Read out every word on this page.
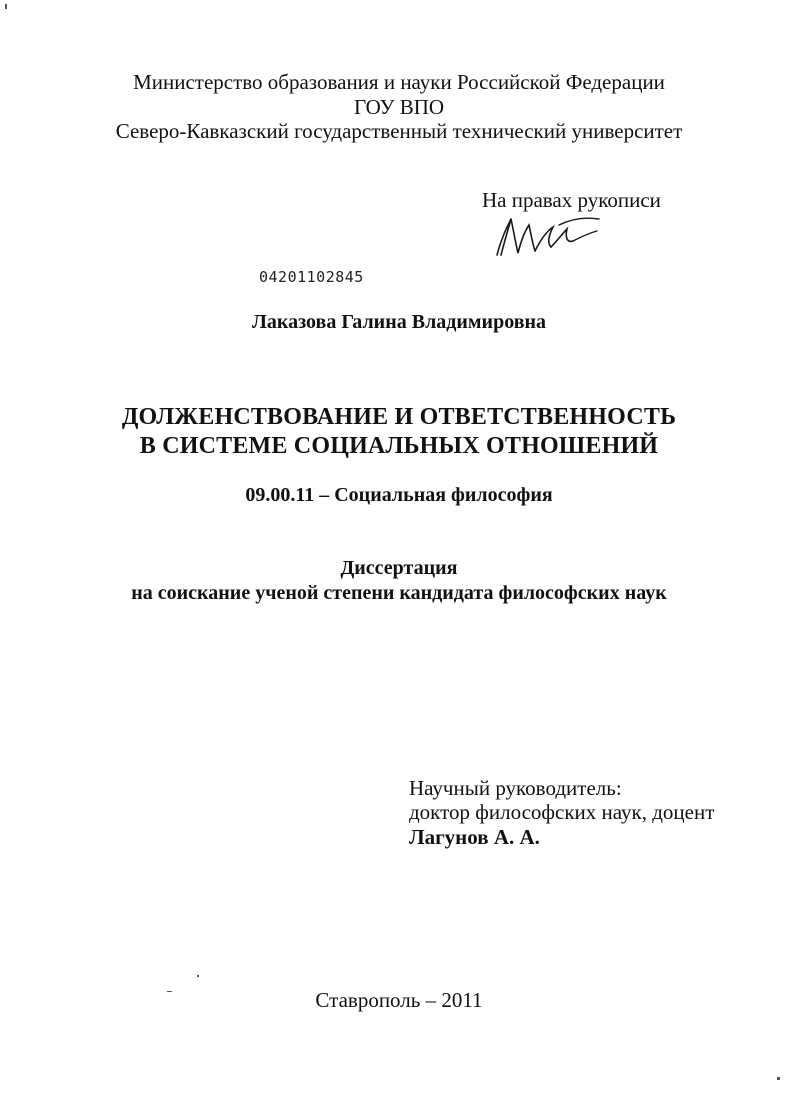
Министерство образования и науки Российской Федерации
ГОУ ВПО
Северо-Кавказский государственный технический университет
На правах рукописи
04201102845
Лаказова Галина Владимировна
ДОЛЖЕНСТВОВАНИЕ И ОТВЕТСТВЕННОСТЬ
В СИСТЕМЕ СОЦИАЛЬНЫХ ОТНОШЕНИЙ
09.00.11 – Социальная философия
Диссертация
на соискание ученой степени кандидата философских наук
Научный руководитель:
доктор философских наук, доцент
Лагунов А. А.
Ставрополь – 2011
